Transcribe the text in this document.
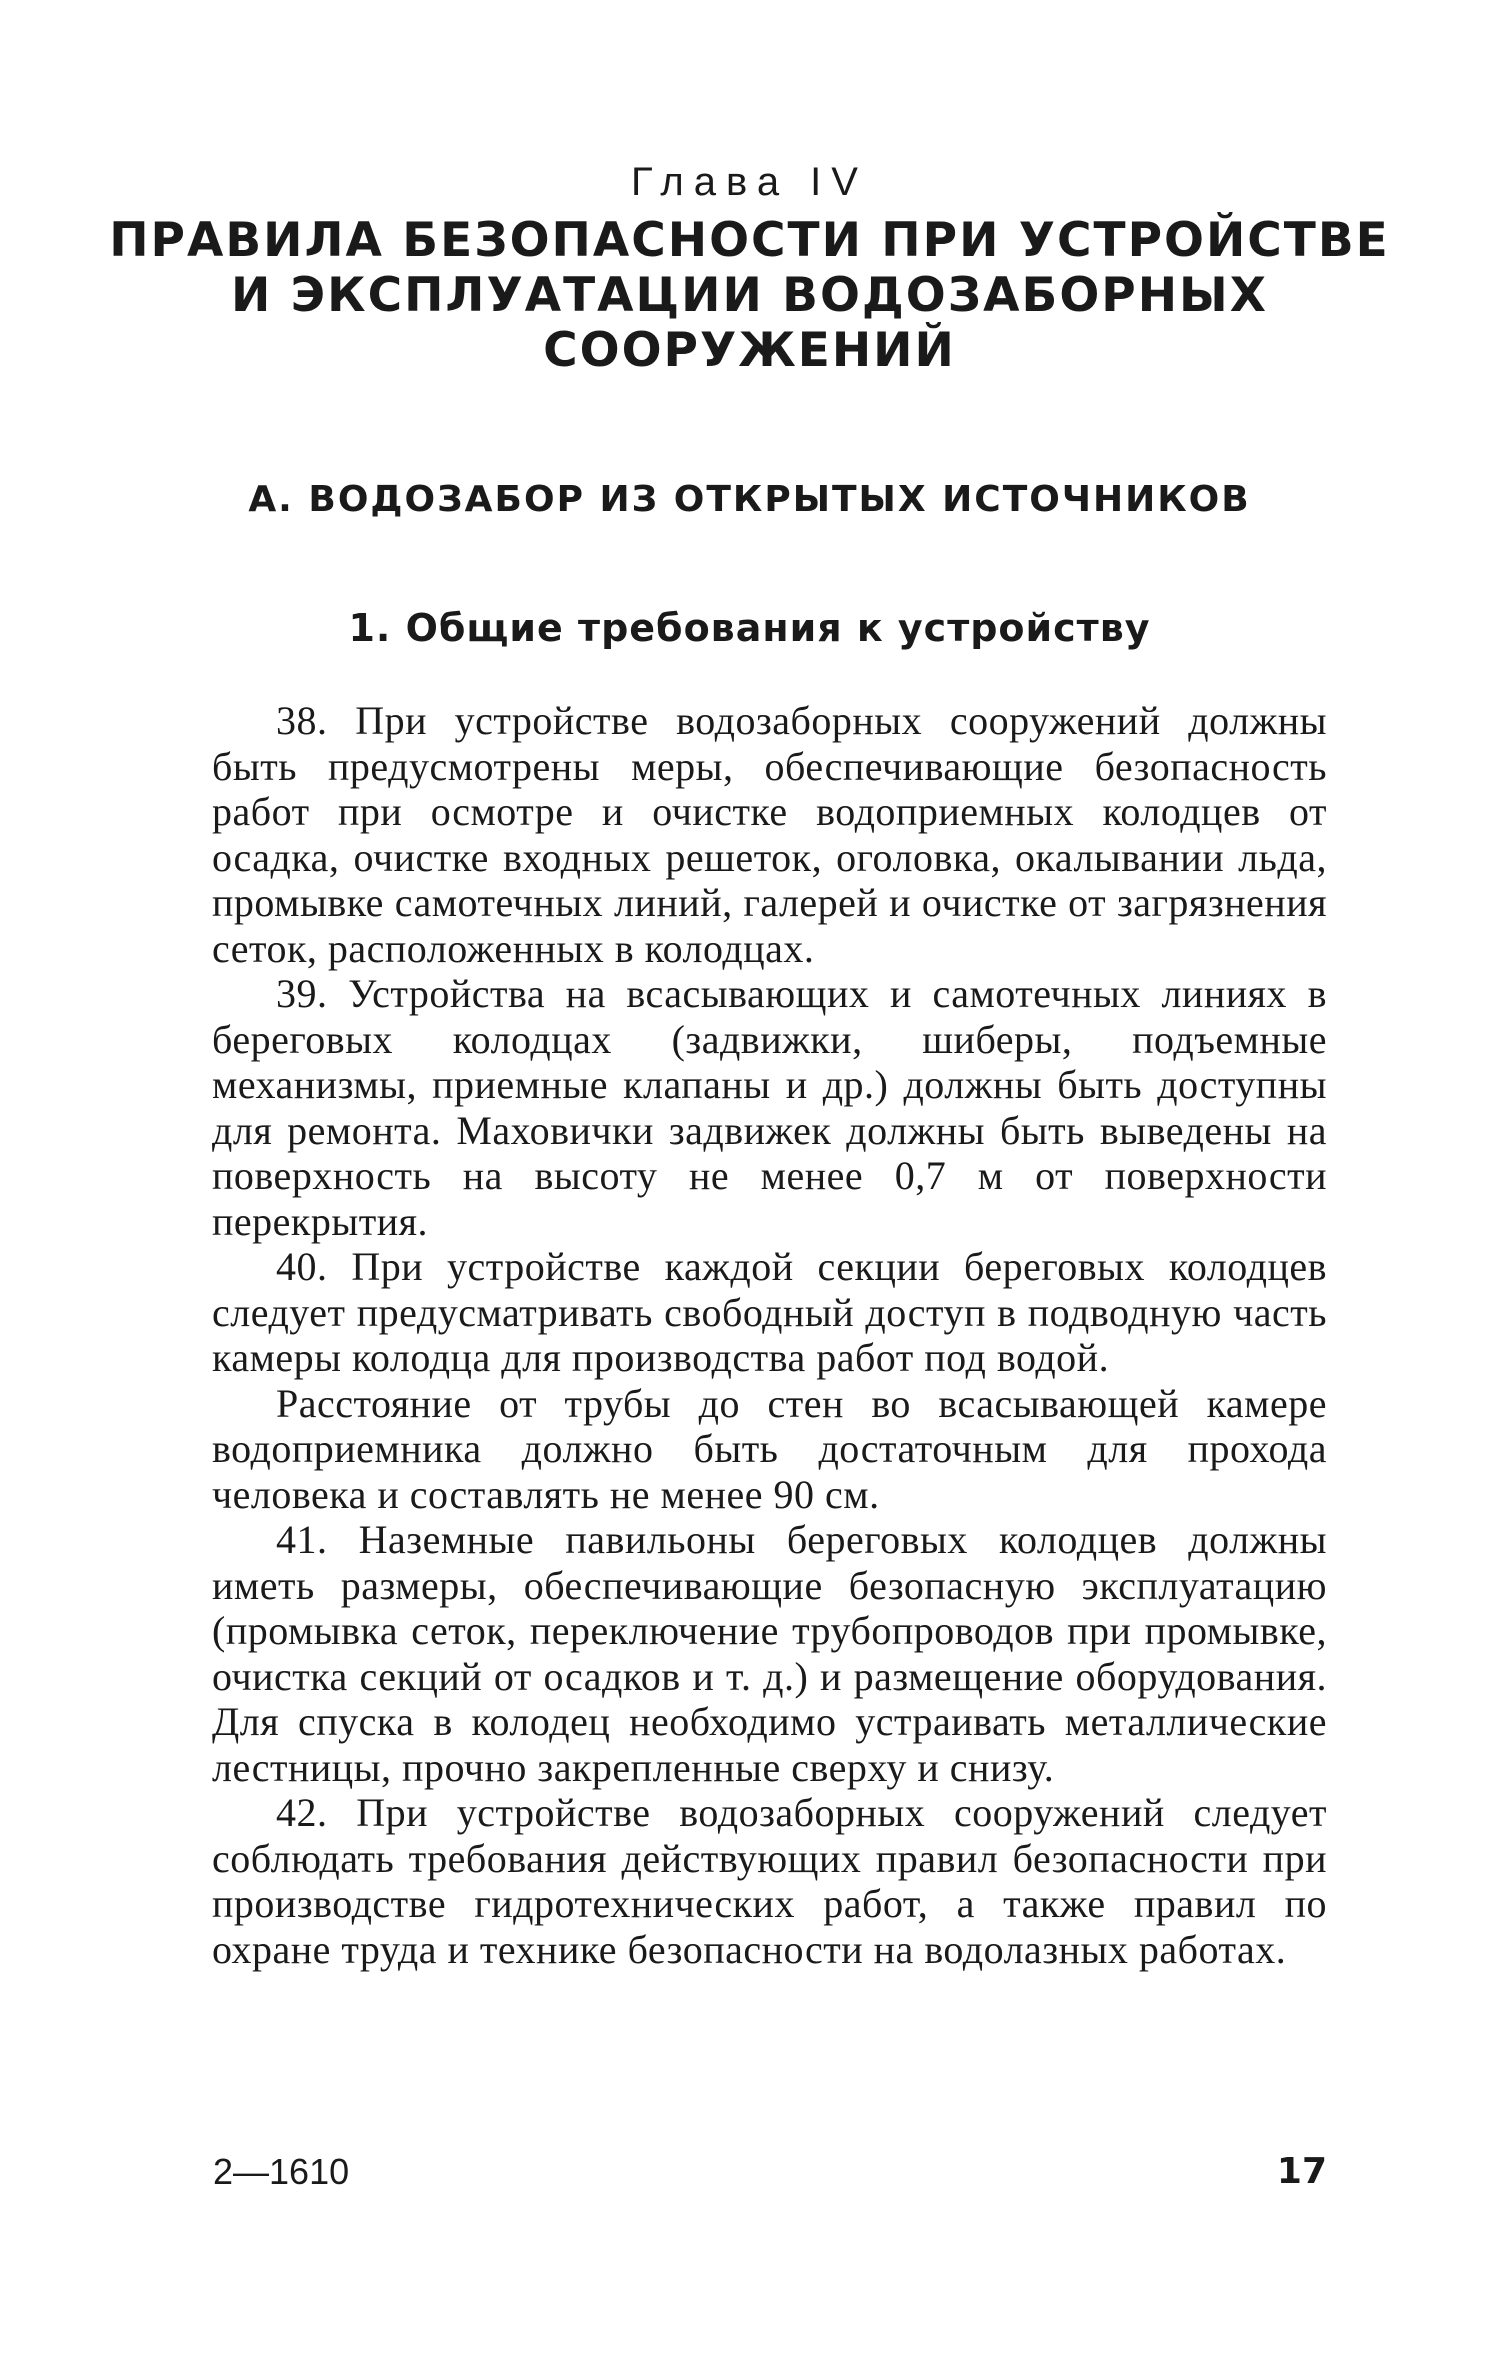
Глава IV
ПРАВИЛА БЕЗОПАСНОСТИ ПРИ УСТРОЙСТВЕ
И ЭКСПЛУАТАЦИИ ВОДОЗАБОРНЫХ
СООРУЖЕНИЙ
А. ВОДОЗАБОР ИЗ ОТКРЫТЫХ ИСТОЧНИКОВ
1. Общие требования к устройству

38. При устройстве водозаборных сооружений должны быть предусмотрены меры, обеспечивающие безопасность работ при осмотре и очистке водоприемных колодцев от осадка, очистке входных решеток, оголовка, окалывании льда, промывке самотечных линий, галерей и очистке от загрязнения сеток, расположенных в колодцах.

39. Устройства на всасывающих и самотечных линиях в береговых колодцах (задвижки, шиберы, подъемные механизмы, приемные клапаны и др.) должны быть доступны для ремонта. Маховички задвижек должны быть выведены на поверхность на высоту не менее 0,7 м от поверхности перекрытия.

40. При устройстве каждой секции береговых колодцев следует предусматривать свободный доступ в подводную часть камеры колодца для производства работ под водой.

Расстояние от трубы до стен во всасывающей камере водоприемника должно быть достаточным для прохода человека и составлять не менее 90 см.

41. Наземные павильоны береговых колодцев должны иметь размеры, обеспечивающие безопасную эксплуатацию (промывка сеток, переключение трубопроводов при промывке, очистка секций от осадков и т. д.) и размещение оборудования. Для спуска в колодец необходимо устраивать металлические лестницы, прочно закрепленные сверху и снизу.

42. При устройстве водозаборных сооружений следует соблюдать требования действующих правил безопасности при производстве гидротехнических работ, а также правил по охране труда и технике безопасности на водолазных работах.

2—1610	17
